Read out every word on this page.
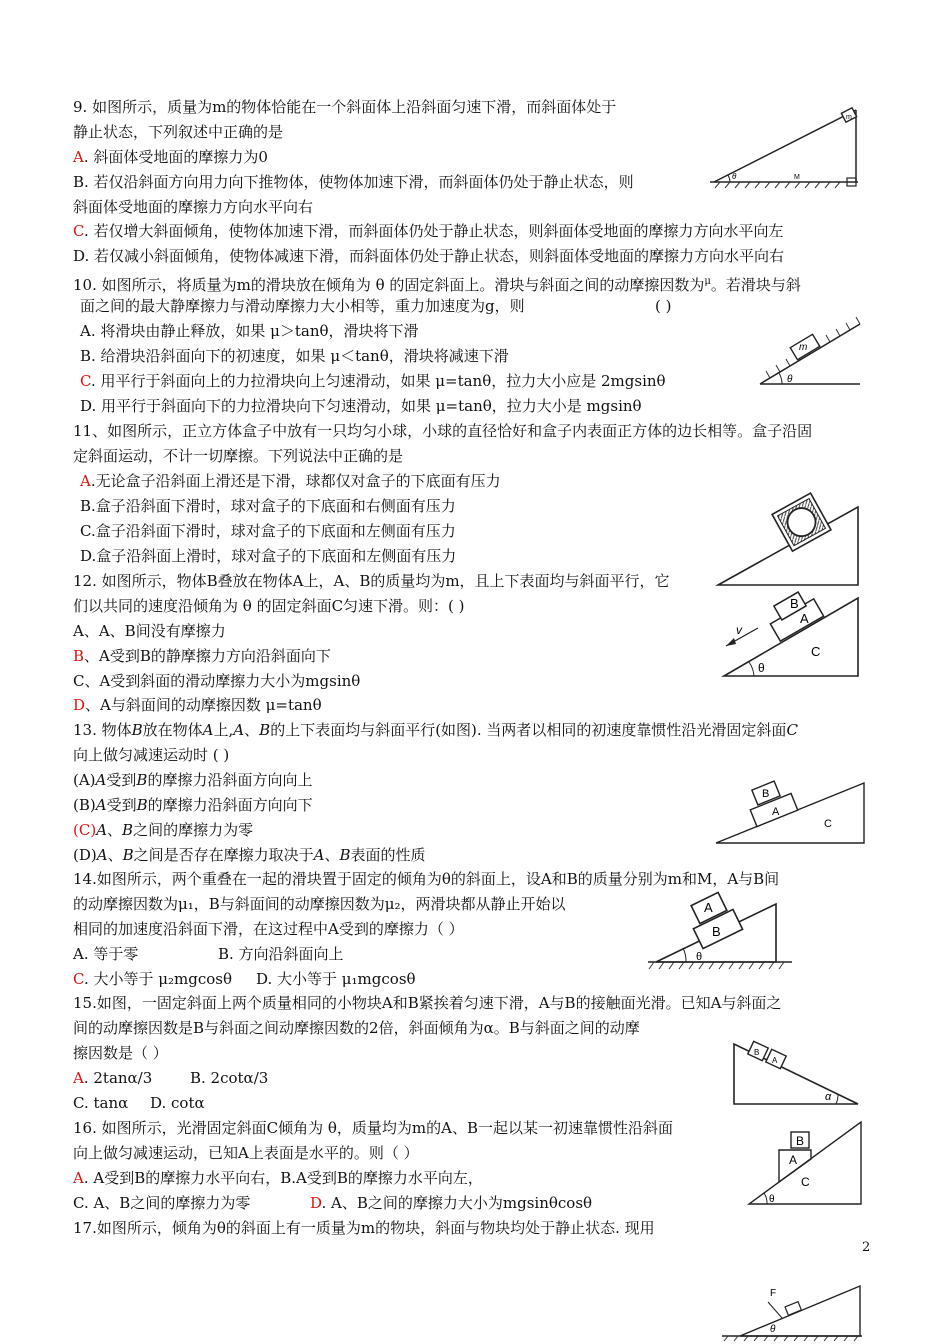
9. 如图所示，质量为m的物体恰能在一个斜面体上沿斜面匀速下滑，而斜面体处于
静止状态，下列叙述中正确的是
A. 斜面体受地面的摩擦力为0
B. 若仅沿斜面方向用力向下推物体，使物体加速下滑，而斜面体仍处于静止状态，则
斜面体受地面的摩擦力方向水平向右
C. 若仅增大斜面倾角，使物体加速下滑，而斜面体仍处于静止状态，则斜面体受地面的摩擦力方向水平向左
D. 若仅减小斜面倾角，使物体减速下滑，而斜面体仍处于静止状态，则斜面体受地面的摩擦力方向水平向右
m
M
θ
10. 如图所示，将质量为m的滑块放在倾角为 θ 的固定斜面上。滑块与斜面之间的动摩擦因数为$^\mu$。若滑块与斜
面之间的最大静摩擦力与滑动摩擦力大小相等，重力加速度为g，则	( )
A. 将滑块由静止释放，如果 μ＞tanθ，滑块将下滑
B. 给滑块沿斜面向下的初速度，如果 μ＜tanθ，滑块将减速下滑
C. 用平行于斜面向上的力拉滑块向上匀速滑动，如果 μ=tanθ，拉力大小应是 2mgsinθ
D. 用平行于斜面向下的力拉滑块向下匀速滑动，如果 μ=tanθ，拉力大小是 mgsinθ
m
θ
11、如图所示，正立方体盒子中放有一只均匀小球，小球的直径恰好和盒子内表面正方体的边长相等。盒子沿固
定斜面运动，不计一切摩擦。下列说法中正确的是
A.无论盒子沿斜面上滑还是下滑，球都仅对盒子的下底面有压力
B.盒子沿斜面下滑时，球对盒子的下底面和右侧面有压力
C.盒子沿斜面下滑时，球对盒子的下底面和左侧面有压力
D.盒子沿斜面上滑时，球对盒子的下底面和左侧面有压力
12. 如图所示，物体B叠放在物体A上，A、B的质量均为m，且上下表面均与斜面平行，它
们以共同的速度沿倾角为 θ 的固定斜面C匀速下滑。则：( )
A、A、B间没有摩擦力
B、A受到B的静摩擦力方向沿斜面向下
C、A受到斜面的滑动摩擦力大小为mgsinθ
D、A与斜面间的动摩擦因数 μ=tanθ
B
A
C
v
θ
13. 物体B放在物体A上,A、B的上下表面均与斜面平行(如图). 当两者以相同的初速度靠惯性沿光滑固定斜面C
向上做匀减速运动时 ( )
(A)A受到B的摩擦力沿斜面方向向上
(B)A受到B的摩擦力沿斜面方向向下
(C)A、B之间的摩擦力为零
(D)A、B之间是否存在摩擦力取决于A、B表面的性质
B
A
C
14.如图所示，两个重叠在一起的滑块置于固定的倾角为θ的斜面上，设A和B的质量分别为m和M，A与B间
的动摩擦因数为μ₁，B与斜面间的动摩擦因数为μ₂，两滑块都从静止开始以
相同的加速度沿斜面下滑，在这过程中A受到的摩擦力（ ）
A. 等于零	B. 方向沿斜面向上
C. 大小等于 μ₂mgcosθ D. 大小等于 μ₁mgcosθ
A
B
θ
15.如图，一固定斜面上两个质量相同的小物块A和B紧挨着匀速下滑，A与B的接触面光滑。已知A与斜面之
间的动摩擦因数是B与斜面之间动摩擦因数的2倍，斜面倾角为α。B与斜面之间的动摩
擦因数是（ ）
A. 2tanα/3	B. 2cotα/3
C. tanα D. cotα
B
A
α
16. 如图所示，光滑固定斜面C倾角为 θ，质量均为m的A、B一起以某一初速靠惯性沿斜面
向上做匀减速运动，已知A上表面是水平的。则（ ）
A. A受到B的摩擦力水平向右，B.A受到B的摩擦力水平向左，
C. A、B之间的摩擦力为零	D. A、B之间的摩擦力大小为mgsinθcosθ
B
A
C
θ
17.如图所示，倾角为θ的斜面上有一质量为m的物块，斜面与物块均处于静止状态. 现用
2
F
θ
